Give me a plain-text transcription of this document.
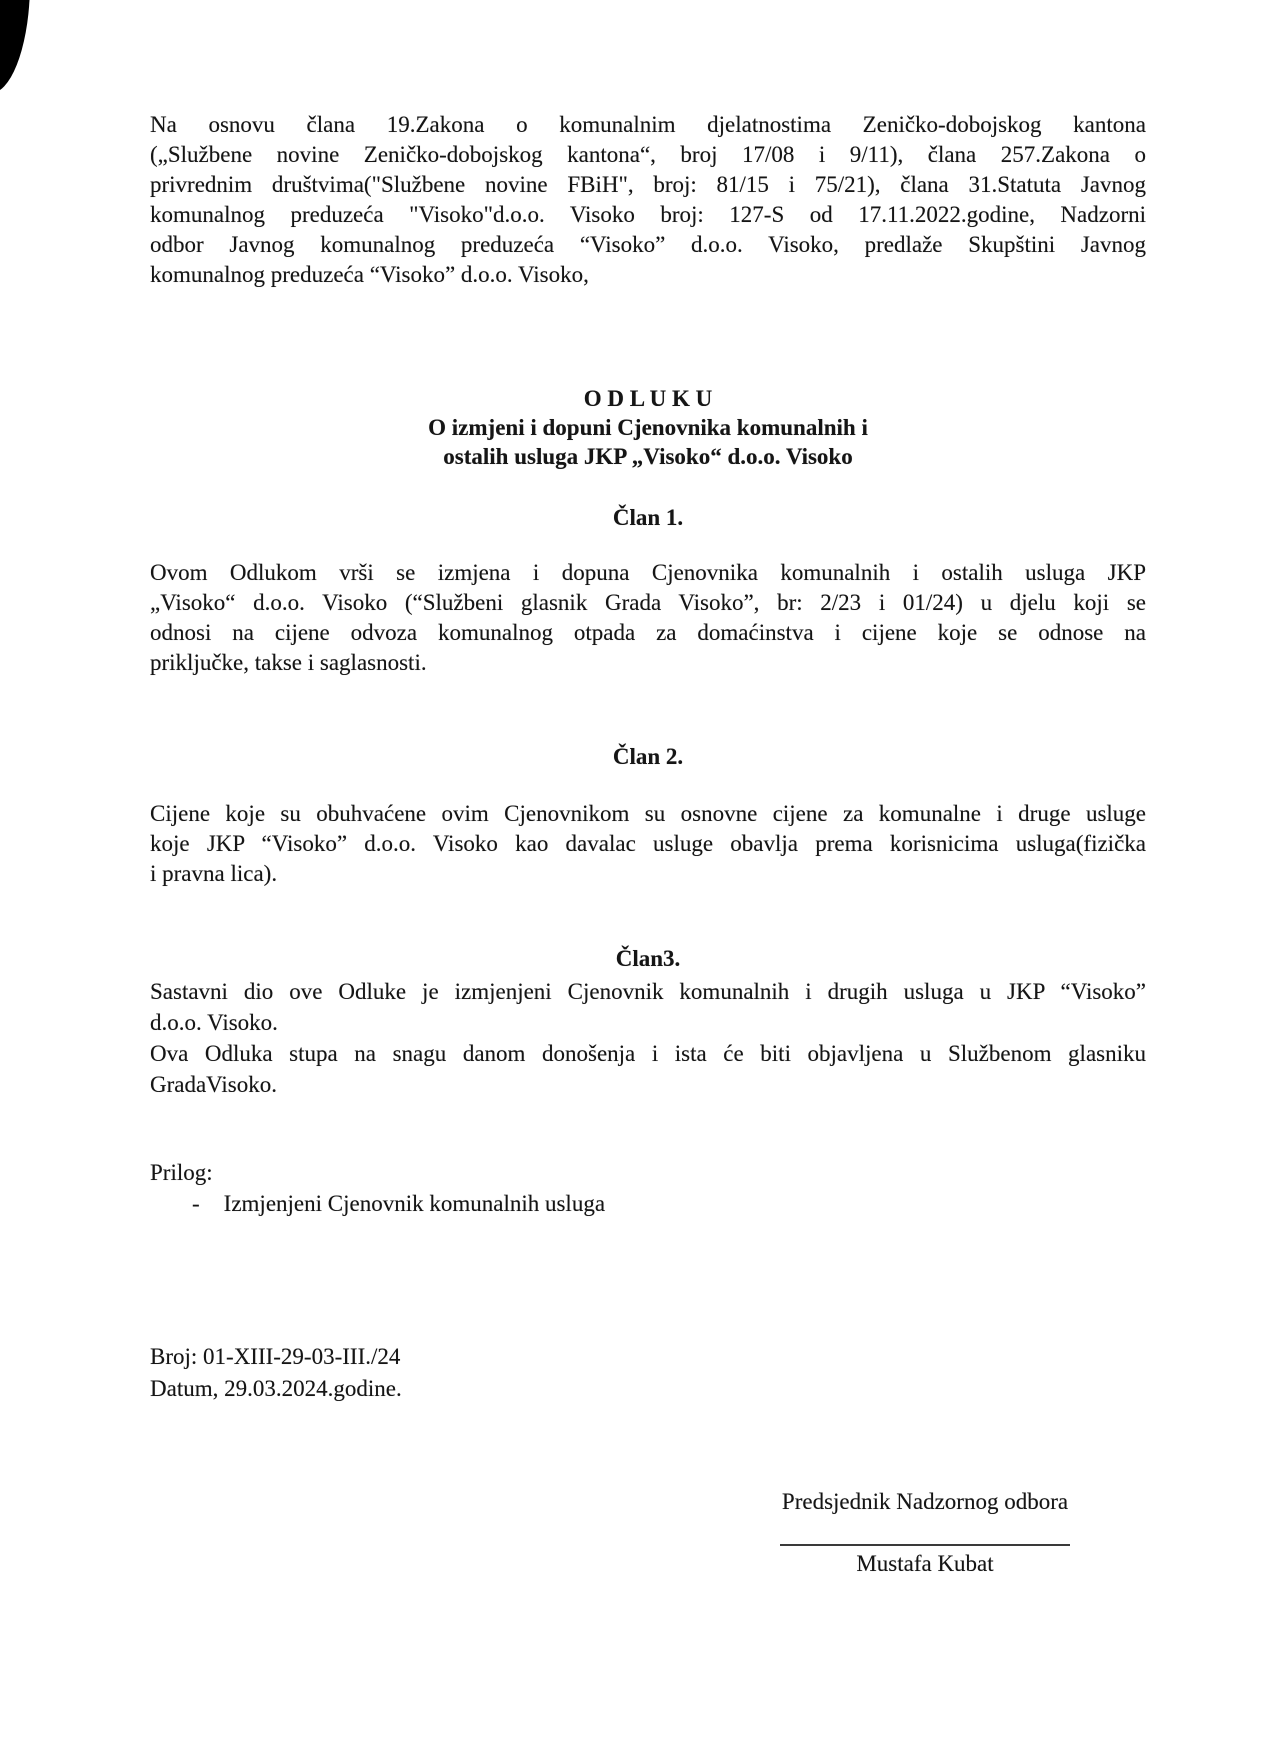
Na osnovu člana 19.Zakona o komunalnim djelatnostima Zeničko-dobojskog kantona
(„Službene novine Zeničko-dobojskog kantona“, broj 17/08 i 9/11), člana 257.Zakona o
privrednim društvima("Službene novine FBiH", broj: 81/15 i 75/21), člana 31.Statuta Javnog
komunalnog preduzeća "Visoko"d.o.o. Visoko broj: 127-S od 17.11.2022.godine, Nadzorni
odbor Javnog komunalnog preduzeća “Visoko” d.o.o. Visoko, predlaže Skupštini Javnog
komunalnog preduzeća “Visoko” d.o.o. Visoko,
O D L U K U
O izmjeni i dopuni Cjenovnika komunalnih i
ostalih usluga JKP „Visoko“ d.o.o. Visoko
Član 1.
Ovom Odlukom vrši se izmjena i dopuna Cjenovnika komunalnih i ostalih usluga JKP
„Visoko“ d.o.o. Visoko (“Službeni glasnik Grada Visoko”, br: 2/23 i 01/24) u djelu koji se
odnosi na cijene odvoza komunalnog otpada za domaćinstva i cijene koje se odnose na
priključke, takse i saglasnosti.
Član 2.
Cijene koje su obuhvaćene ovim Cjenovnikom su osnovne cijene za komunalne i druge usluge
koje JKP “Visoko” d.o.o. Visoko kao davalac usluge obavlja prema korisnicima usluga(fizička
i pravna lica).
Član3.
Sastavni dio ove Odluke je izmjenjeni Cjenovnik komunalnih i drugih usluga u JKP “Visoko”
d.o.o. Visoko.
Ova Odluka stupa na snagu danom donošenja i ista će biti objavljena u Službenom glasniku
GradaVisoko.
Prilog:
- Izmjenjeni Cjenovnik komunalnih usluga
Broj: 01-XIII-29-03-III./24
Datum, 29.03.2024.godine.
Predsjednik Nadzornog odbora
Mustafa Kubat
